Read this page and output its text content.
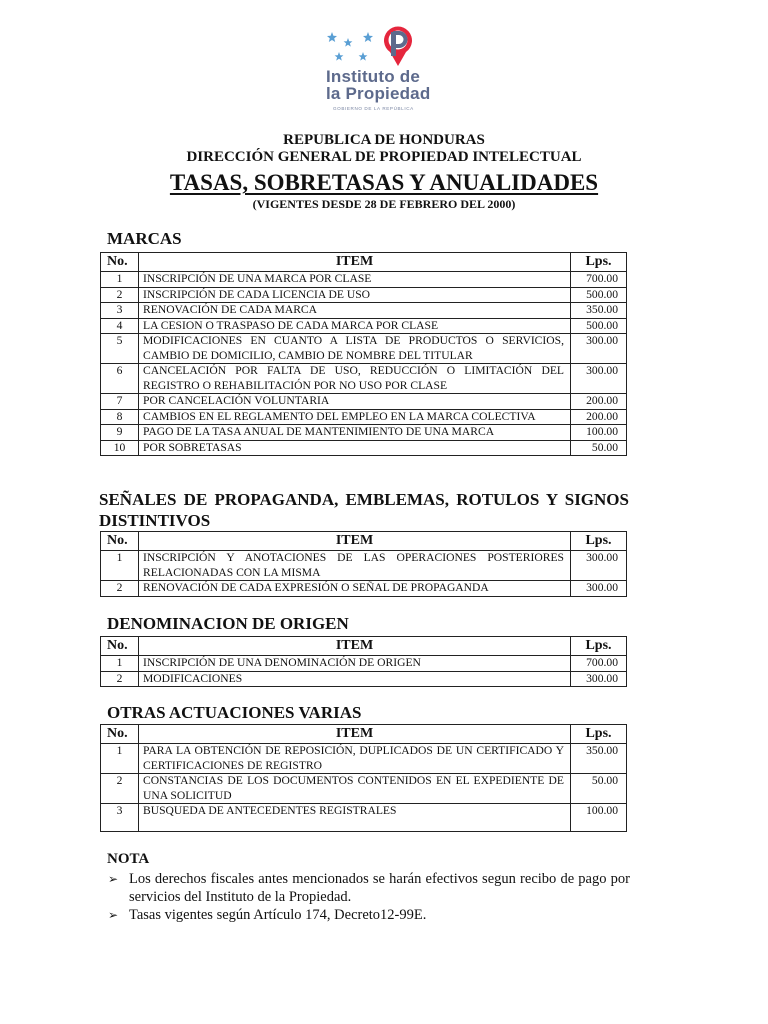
Instituto de
la Propiedad
GOBIERNO DE LA REPÚBLICA
REPUBLICA DE HONDURAS
DIRECCIÓN GENERAL DE PROPIEDAD INTELECTUAL
TASAS, SOBRETASAS Y ANUALIDADES
(VIGENTES DESDE 28 DE FEBRERO DEL 2000)
MARCAS
No.	ITEM	Lps.
1	INSCRIPCIÓN DE UNA MARCA POR CLASE	700.00
2	INSCRIPCIÓN DE CADA LICENCIA DE USO	500.00
3	RENOVACIÓN DE CADA MARCA	350.00
4	LA CESION O TRASPASO DE CADA MARCA POR CLASE	500.00
5	MODIFICACIONES EN CUANTO A LISTA DE PRODUCTOS O SERVICIOS, CAMBIO DE DOMICILIO, CAMBIO DE NOMBRE DEL TITULAR	300.00
6	CANCELACIÓN POR FALTA DE USO, REDUCCIÓN O LIMITACIÓN DEL REGISTRO O REHABILITACIÓN POR NO USO POR CLASE	300.00
7	POR CANCELACIÓN VOLUNTARIA	200.00
8	CAMBIOS EN EL REGLAMENTO DEL EMPLEO EN LA MARCA COLECTIVA	200.00
9	PAGO DE LA TASA ANUAL DE MANTENIMIENTO DE UNA MARCA	100.00
10	POR SOBRETASAS	50.00
SEÑALES DE PROPAGANDA, EMBLEMAS, ROTULOS Y SIGNOS DISTINTIVOS
No.	ITEM	Lps.
1	INSCRIPCIÓN Y ANOTACIONES DE LAS OPERACIONES POSTERIORES RELACIONADAS CON LA MISMA	300.00
2	RENOVACIÓN DE CADA EXPRESIÓN O SEÑAL DE PROPAGANDA	300.00
DENOMINACION DE ORIGEN
No.	ITEM	Lps.
1	INSCRIPCIÓN DE UNA DENOMINACIÓN DE ORIGEN	700.00
2	MODIFICACIONES	300.00
OTRAS ACTUACIONES VARIAS
No.	ITEM	Lps.
1	PARA LA OBTENCIÓN DE REPOSICIÓN, DUPLICADOS DE UN CERTIFICADO Y CERTIFICACIONES DE REGISTRO	350.00
2	CONSTANCIAS DE LOS DOCUMENTOS CONTENIDOS EN EL EXPEDIENTE DE UNA SOLICITUD	50.00
3	BUSQUEDA DE ANTECEDENTES REGISTRALES	100.00
NOTA
➢ Los derechos fiscales antes mencionados se harán efectivos segun recibo de pago por servicios del Instituto de la Propiedad.
➢ Tasas vigentes según Artículo 174, Decreto12-99E.
